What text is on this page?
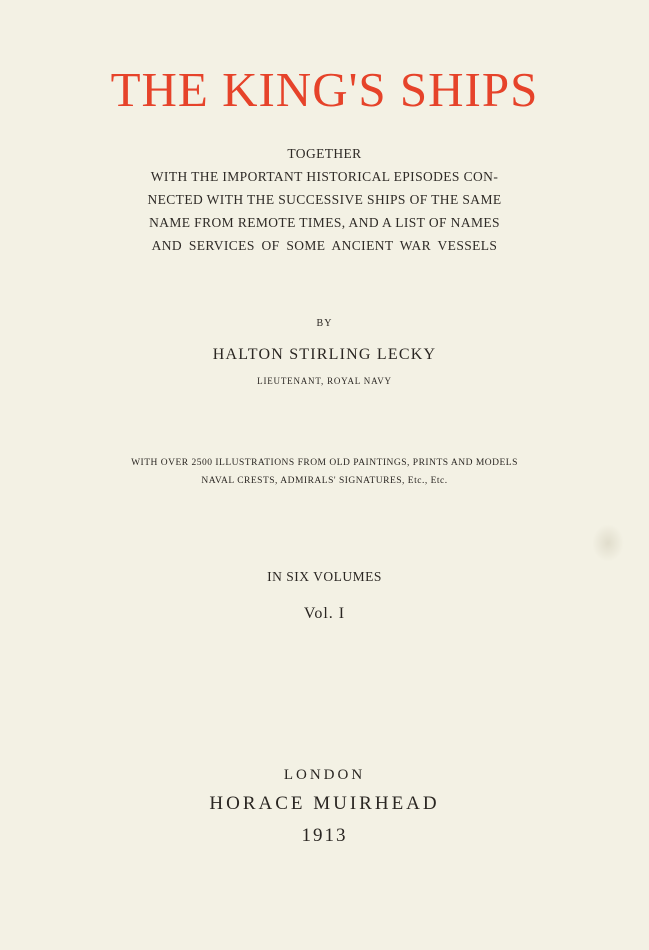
THE KING'S SHIPS
TOGETHER
WITH THE IMPORTANT HISTORICAL EPISODES CON-
NECTED WITH THE SUCCESSIVE SHIPS OF THE SAME
NAME FROM REMOTE TIMES, AND A LIST OF NAMES
AND SERVICES OF SOME ANCIENT WAR VESSELS
BY
HALTON STIRLING LECKY
LIEUTENANT, ROYAL NAVY
WITH OVER 2500 ILLUSTRATIONS FROM OLD PAINTINGS, PRINTS AND MODELS
NAVAL CRESTS, ADMIRALS' SIGNATURES, Etc., Etc.
IN SIX VOLUMES
Vol. I
LONDON
HORACE MUIRHEAD
1913
